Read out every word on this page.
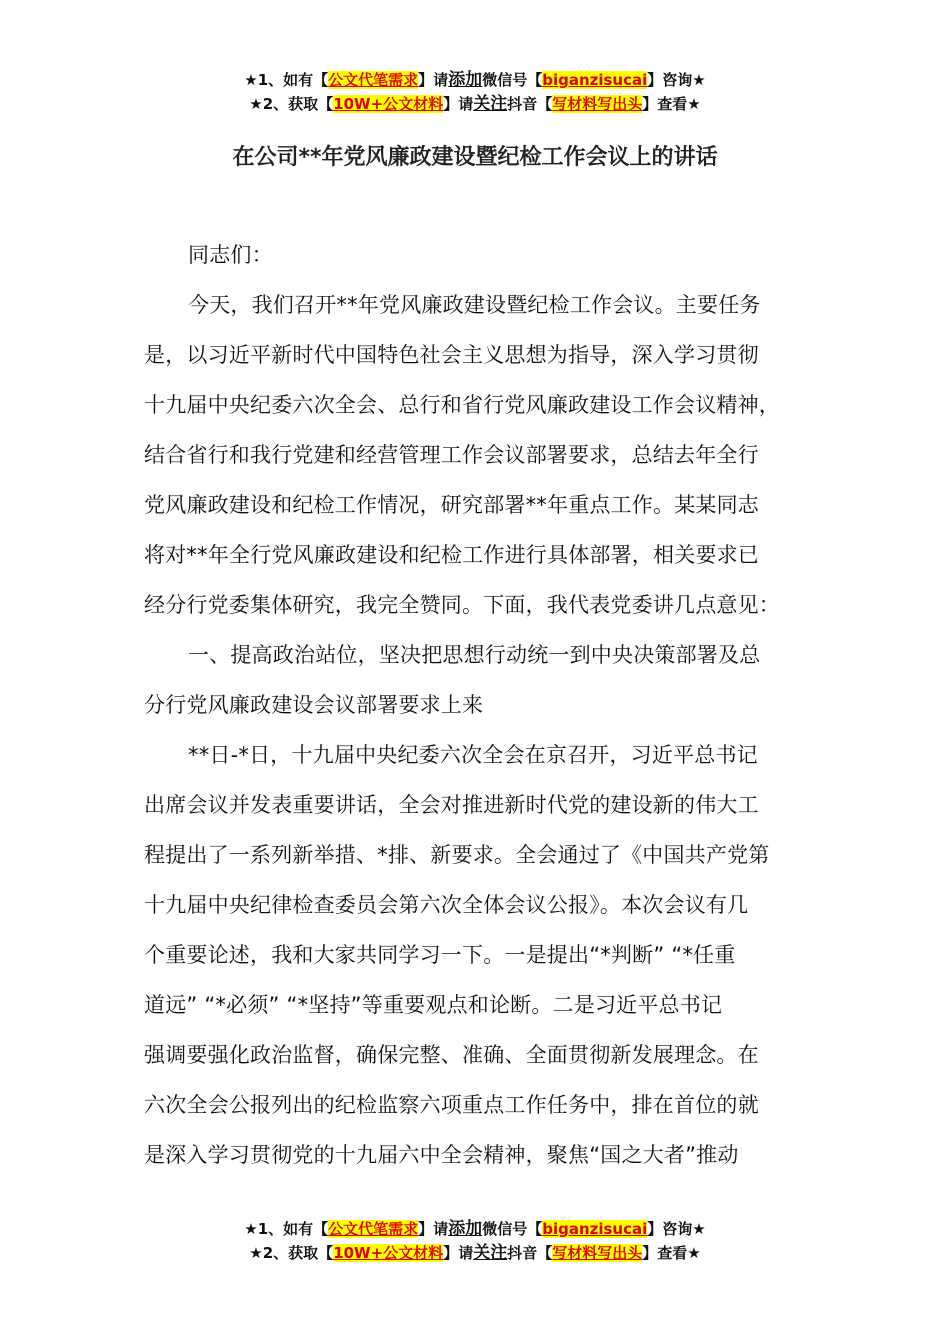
★1、如有【公文代笔需求】请添加微信号【biganzisucai】咨询★
★2、获取【10W+公文材料】请关注抖音【写材料写出头】查看★
在公司**年党风廉政建设暨纪检工作会议上的讲话
同志们：
今天，我们召开**年党风廉政建设暨纪检工作会议。主要任务
是，以习近平新时代中国特色社会主义思想为指导，深入学习贯彻
十九届中央纪委六次全会、总行和省行党风廉政建设工作会议精神，
结合省行和我行党建和经营管理工作会议部署要求，总结去年全行
党风廉政建设和纪检工作情况，研究部署**年重点工作。某某同志
将对**年全行党风廉政建设和纪检工作进行具体部署，相关要求已
经分行党委集体研究，我完全赞同。下面，我代表党委讲几点意见：
一、提高政治站位，坚决把思想行动统一到中央决策部署及总
分行党风廉政建设会议部署要求上来
**日-*日，十九届中央纪委六次全会在京召开，习近平总书记
出席会议并发表重要讲话，全会对推进新时代党的建设新的伟大工
程提出了一系列新举措、*排、新要求。全会通过了《中国共产党第
十九届中央纪律检查委员会第六次全体会议公报》。本次会议有几
个重要论述，我和大家共同学习一下。一是提出“*判断” “*任重
道远” “*必须” “*坚持”等重要观点和论断。二是习近平总书记
强调要强化政治监督，确保完整、准确、全面贯彻新发展理念。在
六次全会公报列出的纪检监察六项重点工作任务中，排在首位的就
是深入学习贯彻党的十九届六中全会精神，聚焦“国之大者”推动
★1、如有【公文代笔需求】请添加微信号【biganzisucai】咨询★
★2、获取【10W+公文材料】请关注抖音【写材料写出头】查看★
